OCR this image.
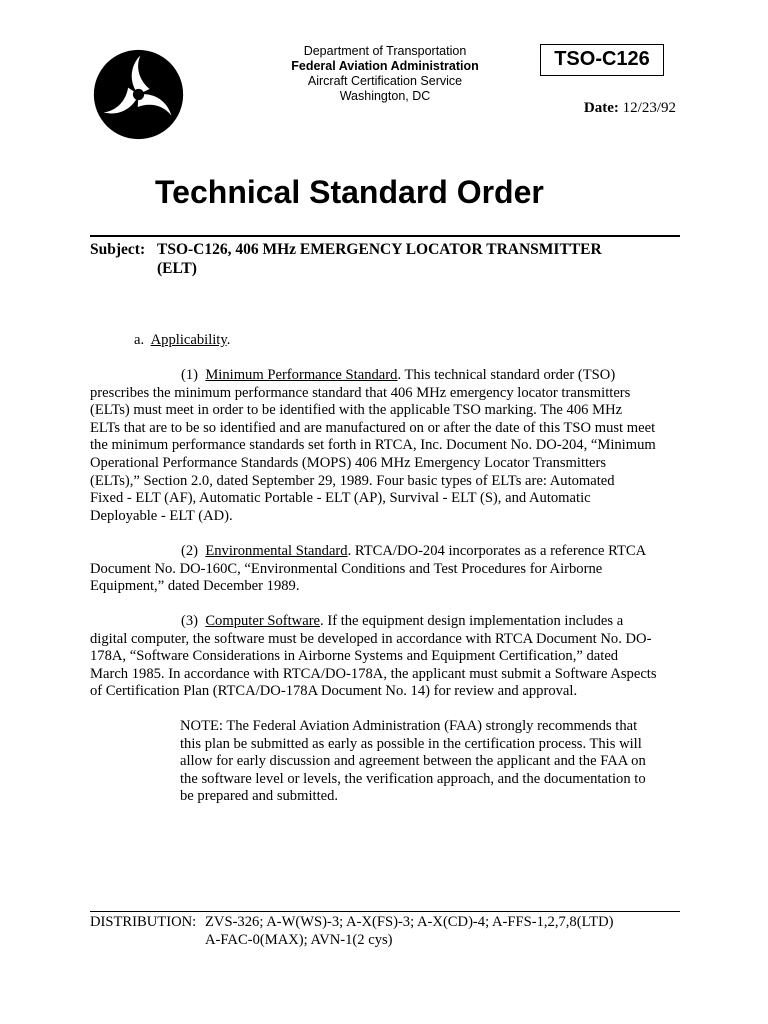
Department of Transportation
Federal Aviation Administration
Aircraft Certification Service
Washington, DC
TSO-C126
Date: 12/23/92
Technical Standard Order
Subject: TSO-C126, 406 MHz EMERGENCY LOCATOR TRANSMITTER
(ELT)
a. Applicability.
(1) Minimum Performance Standard. This technical standard order (TSO)
prescribes the minimum performance standard that 406 MHz emergency locator transmitters
(ELTs) must meet in order to be identified with the applicable TSO marking. The 406 MHz
ELTs that are to be so identified and are manufactured on or after the date of this TSO must meet
the minimum performance standards set forth in RTCA, Inc. Document No. DO-204, “Minimum
Operational Performance Standards (MOPS) 406 MHz Emergency Locator Transmitters
(ELTs),” Section 2.0, dated September 29, 1989. Four basic types of ELTs are: Automated
Fixed - ELT (AF), Automatic Portable - ELT (AP), Survival - ELT (S), and Automatic
Deployable - ELT (AD).
(2) Environmental Standard. RTCA/DO-204 incorporates as a reference RTCA
Document No. DO-160C, “Environmental Conditions and Test Procedures for Airborne
Equipment,” dated December 1989.
(3) Computer Software. If the equipment design implementation includes a
digital computer, the software must be developed in accordance with RTCA Document No. DO-
178A, “Software Considerations in Airborne Systems and Equipment Certification,” dated
March 1985. In accordance with RTCA/DO-178A, the applicant must submit a Software Aspects
of Certification Plan (RTCA/DO-178A Document No. 14) for review and approval.
NOTE: The Federal Aviation Administration (FAA) strongly recommends that
this plan be submitted as early as possible in the certification process. This will
allow for early discussion and agreement between the applicant and the FAA on
the software level or levels, the verification approach, and the documentation to
be prepared and submitted.
DISTRIBUTION: ZVS-326; A-W(WS)-3; A-X(FS)-3; A-X(CD)-4; A-FFS-1,2,7,8(LTD)
A-FAC-0(MAX); AVN-1(2 cys)
